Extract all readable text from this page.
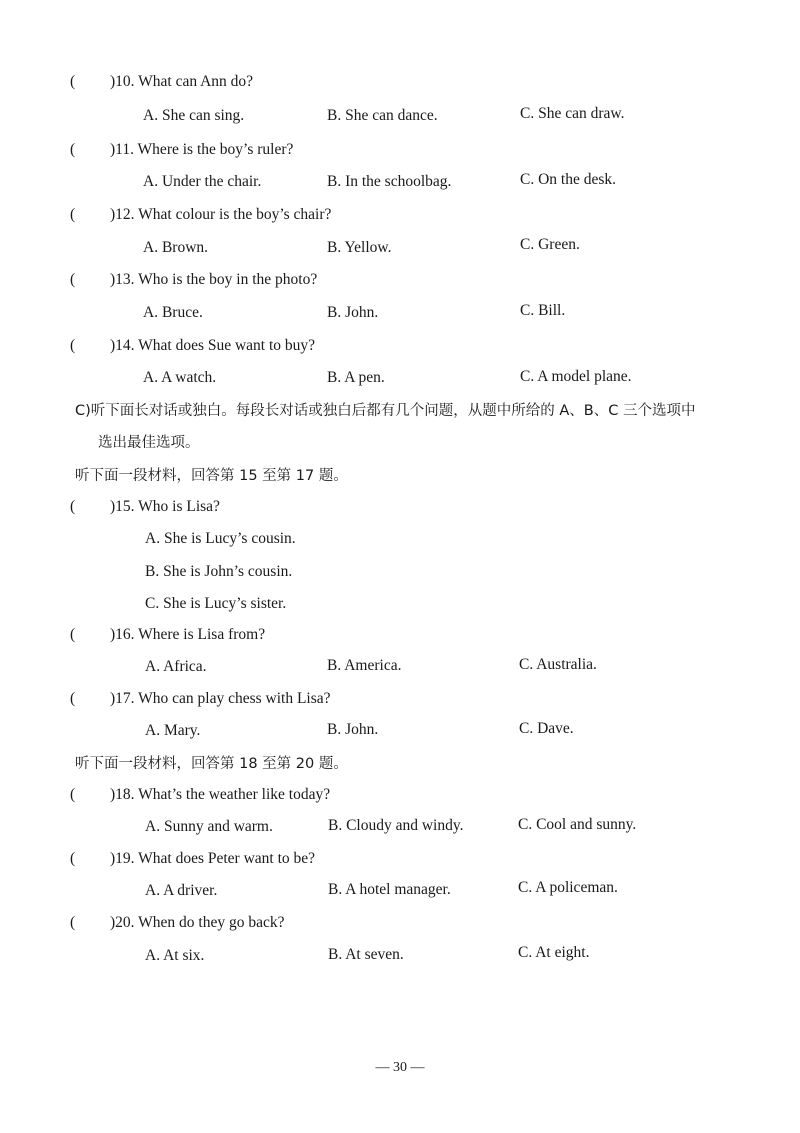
( )10. What can Ann do?
A. She can sing.	B. She can dance.	C. She can draw.
( )11. Where is the boy’s ruler?
A. Under the chair.	B. In the schoolbag.	C. On the desk.
( )12. What colour is the boy’s chair?
A. Brown.	B. Yellow.	C. Green.
( )13. Who is the boy in the photo?
A. Bruce.	B. John.	C. Bill.
( )14. What does Sue want to buy?
A. A watch.	B. A pen.	C. A model plane.
C)听下面长对话或独白。每段长对话或独白后都有几个问题，从题中所给的 A、B、C 三个选项中
选出最佳选项。
听下面一段材料，回答第 15 至第 17 题。
( )15. Who is Lisa?
A. She is Lucy’s cousin.
B. She is John’s cousin.
C. She is Lucy’s sister.
( )16. Where is Lisa from?
A. Africa.	B. America.	C. Australia.
( )17. Who can play chess with Lisa?
A. Mary.	B. John.	C. Dave.
听下面一段材料，回答第 18 至第 20 题。
( )18. What’s the weather like today?
A. Sunny and warm.	B. Cloudy and windy.	C. Cool and sunny.
( )19. What does Peter want to be?
A. A driver.	B. A hotel manager.	C. A policeman.
( )20. When do they go back?
A. At six.	B. At seven.	C. At eight.
— 30 —
